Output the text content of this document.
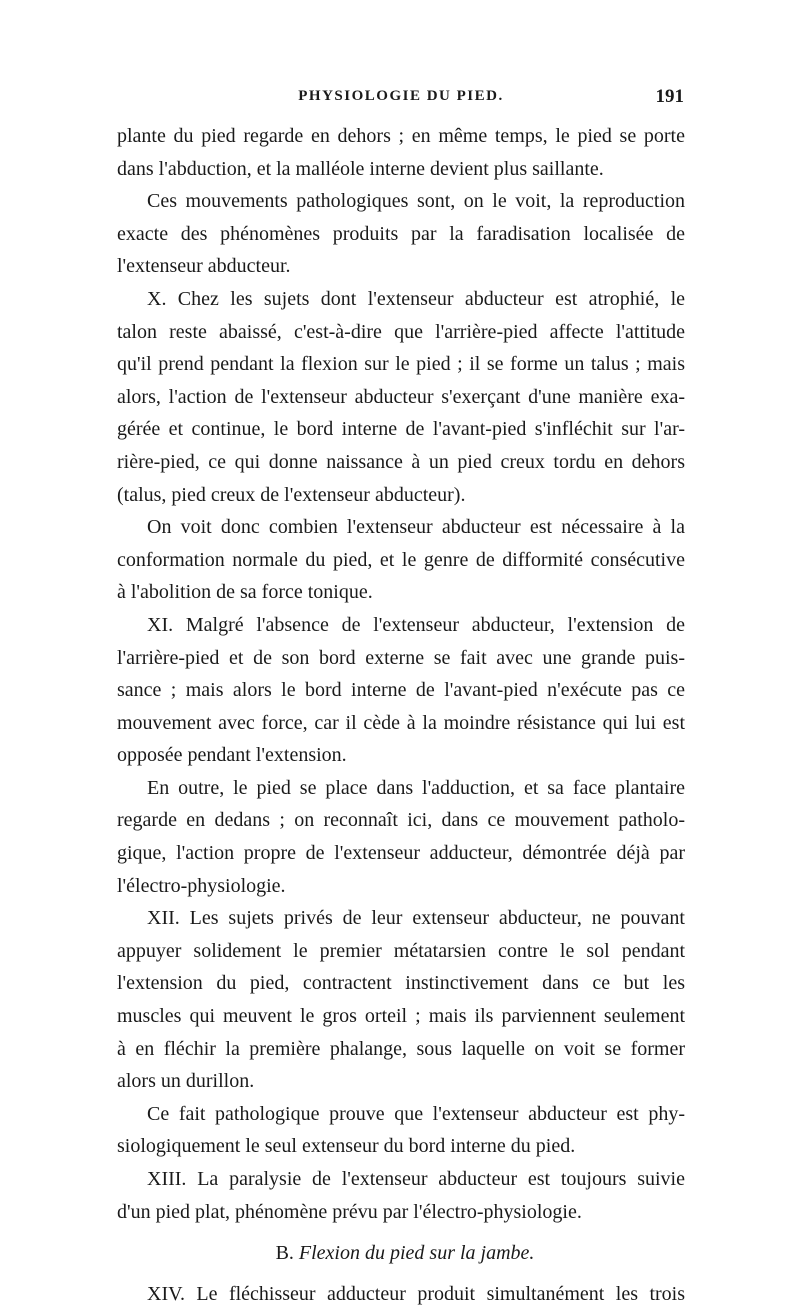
PHYSIOLOGIE DU PIED.	191
plante du pied regarde en dehors ; en même temps, le pied se porte
dans l'abduction, et la malléole interne devient plus saillante.
Ces mouvements pathologiques sont, on le voit, la reproduction
exacte des phénomènes produits par la faradisation localisée de
l'extenseur abducteur.
X. Chez les sujets dont l'extenseur abducteur est atrophié, le
talon reste abaissé, c'est-à-dire que l'arrière-pied affecte l'attitude
qu'il prend pendant la flexion sur le pied ; il se forme un talus ; mais
alors, l'action de l'extenseur abducteur s'exerçant d'une manière exa-
gérée et continue, le bord interne de l'avant-pied s'infléchit sur l'ar-
rière-pied, ce qui donne naissance à un pied creux tordu en dehors
(talus, pied creux de l'extenseur abducteur).
On voit donc combien l'extenseur abducteur est nécessaire à la
conformation normale du pied, et le genre de difformité consécutive
à l'abolition de sa force tonique.
XI. Malgré l'absence de l'extenseur abducteur, l'extension de
l'arrière-pied et de son bord externe se fait avec une grande puis-
sance ; mais alors le bord interne de l'avant-pied n'exécute pas ce
mouvement avec force, car il cède à la moindre résistance qui lui est
opposée pendant l'extension.
En outre, le pied se place dans l'adduction, et sa face plantaire
regarde en dedans ; on reconnaît ici, dans ce mouvement patholo-
gique, l'action propre de l'extenseur adducteur, démontrée déjà par
l'électro-physiologie.
XII. Les sujets privés de leur extenseur abducteur, ne pouvant
appuyer solidement le premier métatarsien contre le sol pendant
l'extension du pied, contractent instinctivement dans ce but les
muscles qui meuvent le gros orteil ; mais ils parviennent seulement
à en fléchir la première phalange, sous laquelle on voit se former
alors un durillon.
Ce fait pathologique prouve que l'extenseur abducteur est phy-
siologiquement le seul extenseur du bord interne du pied.
XIII. La paralysie de l'extenseur abducteur est toujours suivie
d'un pied plat, phénomène prévu par l'électro-physiologie.
B. Flexion du pied sur la jambe.
XIV. Le fléchisseur adducteur produit simultanément les trois
